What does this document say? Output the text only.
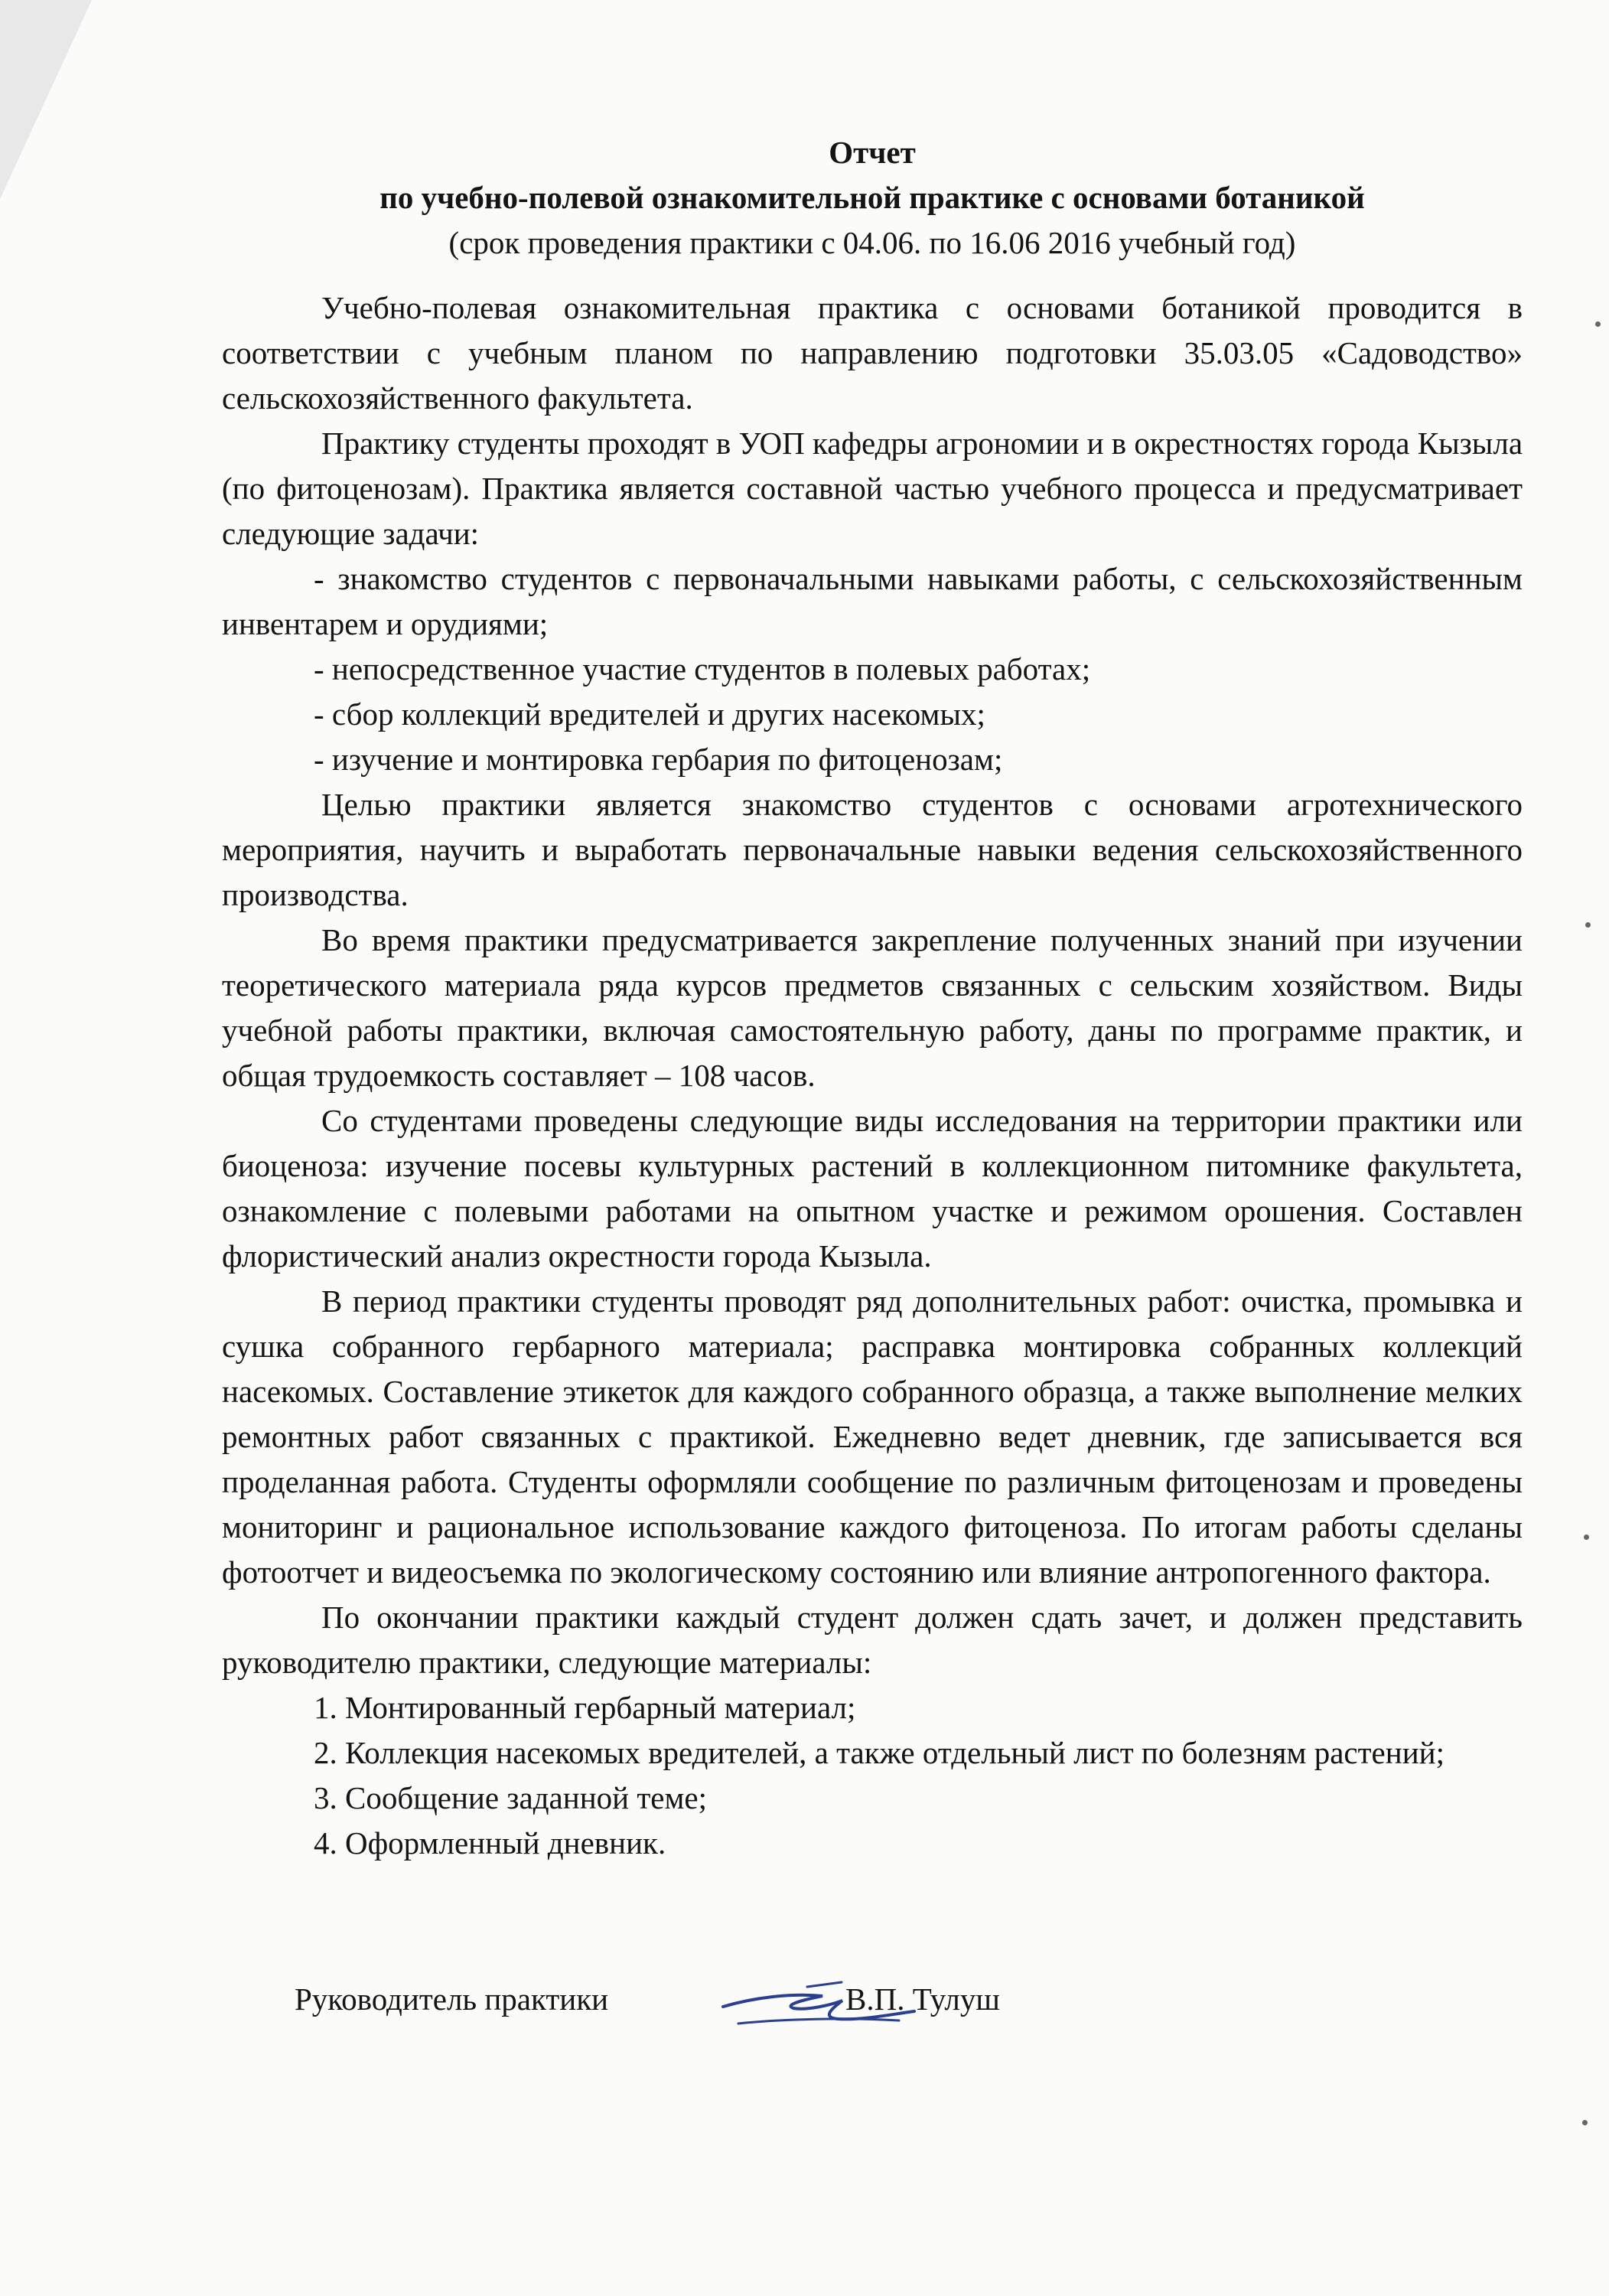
Отчет

по учебно-полевой ознакомительной практике с основами ботаникой

(срок проведения практики с 04.06. по 16.06 2016 учебный год)

Учебно-полевая ознакомительная практика с основами ботаникой проводится в соответствии с учебным планом по направлению подготовки 35.03.05 «Садоводство» сельскохозяйственного факультета.

Практику студенты проходят в УОП кафедры агрономии и в окрестностях города Кызыла (по фитоценозам). Практика является составной частью учебного процесса и предусматривает следующие задачи:

- знакомство студентов с первоначальными навыками работы, с сельскохозяйственным инвентарем и орудиями;

- непосредственное участие студентов в полевых работах;

- сбор коллекций вредителей и других насекомых;

- изучение и монтировка гербария по фитоценозам;

Целью практики является знакомство студентов с основами агротехнического мероприятия, научить и выработать первоначальные навыки ведения сельскохозяйственного производства.

Во время практики предусматривается закрепление полученных знаний при изучении теоретического материала ряда курсов предметов связанных с сельским хозяйством. Виды учебной работы практики, включая самостоятельную работу, даны по программе практик, и общая трудоемкость составляет – 108 часов.

Со студентами проведены следующие виды исследования на территории практики или биоценоза: изучение посевы культурных растений в коллекционном питомнике факультета, ознакомление с полевыми работами на опытном участке и режимом орошения. Составлен флористический анализ окрестности города Кызыла.

В период практики студенты проводят ряд дополнительных работ: очистка, промывка и сушка собранного гербарного материала; расправка монтировка собранных коллекций насекомых. Составление этикеток для каждого собранного образца, а также выполнение мелких ремонтных работ связанных с практикой. Ежедневно ведет дневник, где записывается вся проделанная работа. Студенты оформляли сообщение по различным фитоценозам и проведены мониторинг и рациональное использование каждого фитоценоза. По итогам работы сделаны фотоотчет и видеосъемка по экологическому состоянию или влияние антропогенного фактора.

По окончании практики каждый студент должен сдать зачет, и должен представить руководителю практики, следующие материалы:

1. Монтированный гербарный материал;

2. Коллекция насекомых вредителей, а также отдельный лист по болезням растений;

3. Сообщение заданной теме;

4. Оформленный дневник.

Руководитель практики	В.П. Тулуш
